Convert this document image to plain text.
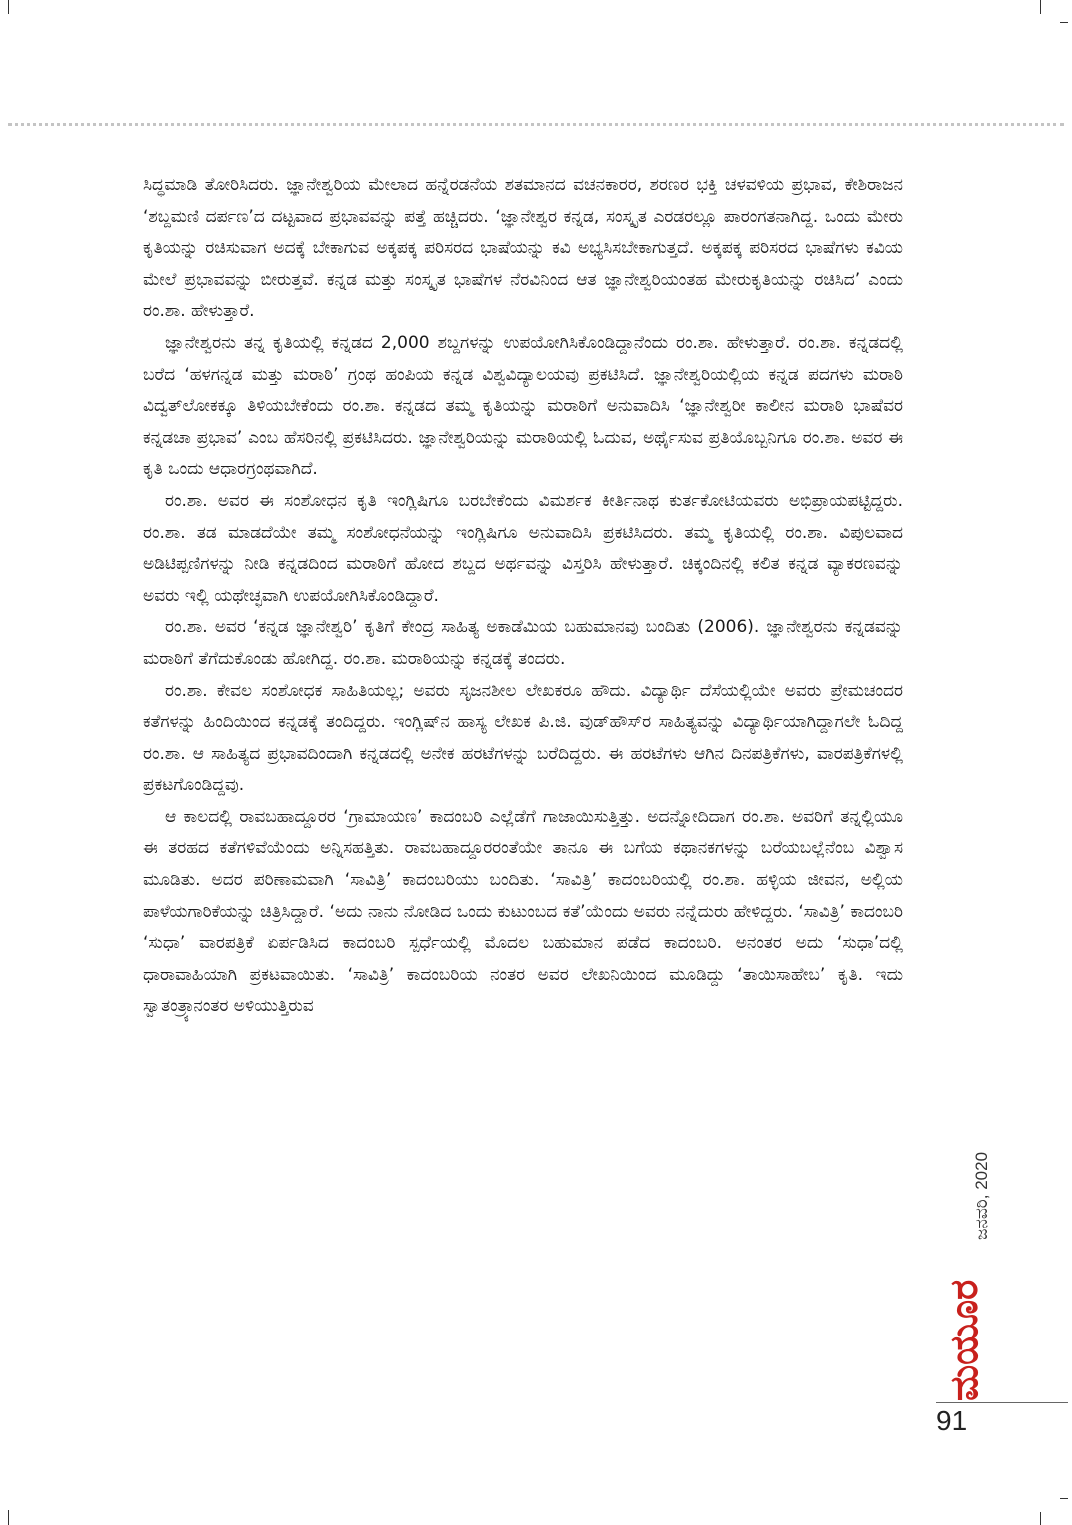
ಸಿದ್ಧಮಾಡಿ ತೋರಿಸಿದರು. ಜ್ಞಾನೇಶ್ವರಿಯ ಮೇಲಾದ ಹನ್ನೆರಡನೆಯ ಶತಮಾನದ ವಚನಕಾರರ, ಶರಣರ ಭಕ್ತಿ ಚಳವಳಿಯ ಪ್ರಭಾವ, ಕೇಶಿರಾಜನ ‘ಶಬ್ದಮಣಿ ದರ್ಪಣ’ದ ದಟ್ಟವಾದ ಪ್ರಭಾವವನ್ನು ಪತ್ತೆ ಹಚ್ಚಿದರು. ‘ಜ್ಞಾನೇಶ್ವರ ಕನ್ನಡ, ಸಂಸ್ಕೃತ ಎರಡರಲ್ಲೂ ಪಾರಂಗತನಾಗಿದ್ದ. ಒಂದು ಮೇರು ಕೃತಿಯನ್ನು ರಚಿಸುವಾಗ ಅದಕ್ಕೆ ಬೇಕಾಗುವ ಅಕ್ಕಪಕ್ಕ ಪರಿಸರದ ಭಾಷೆಯನ್ನು ಕವಿ ಅಭ್ಯಸಿಸಬೇಕಾಗುತ್ತದೆ. ಅಕ್ಕಪಕ್ಕ ಪರಿಸರದ ಭಾಷೆಗಳು ಕವಿಯ ಮೇಲೆ ಪ್ರಭಾವವನ್ನು ಬೀರುತ್ತವೆ. ಕನ್ನಡ ಮತ್ತು ಸಂಸ್ಕೃತ ಭಾಷೆಗಳ ನೆರವಿನಿಂದ ಆತ ಜ್ಞಾನೇಶ್ವರಿಯಂತಹ ಮೇರುಕೃತಿಯನ್ನು ರಚಿಸಿದ’ ಎಂದು ರಂ.ಶಾ. ಹೇಳುತ್ತಾರೆ.

ಜ್ಞಾನೇಶ್ವರನು ತನ್ನ ಕೃತಿಯಲ್ಲಿ ಕನ್ನಡದ 2,000 ಶಬ್ದಗಳನ್ನು ಉಪಯೋಗಿಸಿಕೊಂಡಿದ್ದಾನೆಂದು ರಂ.ಶಾ. ಹೇಳುತ್ತಾರೆ. ರಂ.ಶಾ. ಕನ್ನಡದಲ್ಲಿ ಬರೆದ ‘ಹಳಗನ್ನಡ ಮತ್ತು ಮರಾಠಿ’ ಗ್ರಂಥ ಹಂಪಿಯ ಕನ್ನಡ ವಿಶ್ವವಿದ್ಯಾಲಯವು ಪ್ರಕಟಿಸಿದೆ. ಜ್ಞಾನೇಶ್ವರಿಯಲ್ಲಿಯ ಕನ್ನಡ ಪದಗಳು ಮರಾಠಿ ವಿದ್ವತ್‌ಲೋಕಕ್ಕೂ ತಿಳಿಯಬೇಕೆಂದು ರಂ.ಶಾ. ಕನ್ನಡದ ತಮ್ಮ ಕೃತಿಯನ್ನು ಮರಾಠಿಗೆ ಅನುವಾದಿಸಿ ‘ಜ್ಞಾನೇಶ್ವರೀ ಕಾಲೀನ ಮರಾಠಿ ಭಾಷೆವರ ಕನ್ನಡಚಾ ಪ್ರಭಾವ’ ಎಂಬ ಹೆಸರಿನಲ್ಲಿ ಪ್ರಕಟಿಸಿದರು. ಜ್ಞಾನೇಶ್ವರಿಯನ್ನು ಮರಾಠಿಯಲ್ಲಿ ಓದುವ, ಅರ್ಥೈಸುವ ಪ್ರತಿಯೊಬ್ಬನಿಗೂ ರಂ.ಶಾ. ಅವರ ಈ ಕೃತಿ ಒಂದು ಆಧಾರಗ್ರಂಥವಾಗಿದೆ.

ರಂ.ಶಾ. ಅವರ ಈ ಸಂಶೋಧನ ಕೃತಿ ಇಂಗ್ಲಿಷಿಗೂ ಬರಬೇಕೆಂದು ವಿಮರ್ಶಕ ಕೀರ್ತಿನಾಥ ಕುರ್ತಕೋಟಿಯವರು ಅಭಿಪ್ರಾಯಪಟ್ಟಿದ್ದರು. ರಂ.ಶಾ. ತಡ ಮಾಡದೆಯೇ ತಮ್ಮ ಸಂಶೋಧನೆಯನ್ನು ಇಂಗ್ಲಿಷಿಗೂ ಅನುವಾದಿಸಿ ಪ್ರಕಟಿಸಿದರು. ತಮ್ಮ ಕೃತಿಯಲ್ಲಿ ರಂ.ಶಾ. ವಿಪುಲವಾದ ಅಡಿಟಿಪ್ಪಣಿಗಳನ್ನು ನೀಡಿ ಕನ್ನಡದಿಂದ ಮರಾಠಿಗೆ ಹೋದ ಶಬ್ದದ ಅರ್ಥವನ್ನು ವಿಸ್ತರಿಸಿ ಹೇಳುತ್ತಾರೆ. ಚಿಕ್ಕಂದಿನಲ್ಲಿ ಕಲಿತ ಕನ್ನಡ ವ್ಯಾಕರಣವನ್ನು ಅವರು ಇಲ್ಲಿ ಯಥೇಚ್ಛವಾಗಿ ಉಪಯೋಗಿಸಿಕೊಂಡಿದ್ದಾರೆ.

ರಂ.ಶಾ. ಅವರ ‘ಕನ್ನಡ ಜ್ಞಾನೇಶ್ವರಿ’ ಕೃತಿಗೆ ಕೇಂದ್ರ ಸಾಹಿತ್ಯ ಅಕಾಡೆಮಿಯ ಬಹುಮಾನವು ಬಂದಿತು (2006). ಜ್ಞಾನೇಶ್ವರನು ಕನ್ನಡವನ್ನು ಮರಾಠಿಗೆ ತೆಗೆದುಕೊಂಡು ಹೋಗಿದ್ದ. ರಂ.ಶಾ. ಮರಾಠಿಯನ್ನು ಕನ್ನಡಕ್ಕೆ ತಂದರು.

ರಂ.ಶಾ. ಕೇವಲ ಸಂಶೋಧಕ ಸಾಹಿತಿಯಲ್ಲ; ಅವರು ಸೃಜನಶೀಲ ಲೇಖಕರೂ ಹೌದು. ವಿದ್ಯಾರ್ಥಿ ದೆಸೆಯಲ್ಲಿಯೇ ಅವರು ಪ್ರೇಮಚಂದರ ಕತೆಗಳನ್ನು ಹಿಂದಿಯಿಂದ ಕನ್ನಡಕ್ಕೆ ತಂದಿದ್ದರು. ಇಂಗ್ಲಿಷ್‌ನ ಹಾಸ್ಯ ಲೇಖಕ ಪಿ.ಜಿ. ವುಡ್‌ಹೌಸ್‌ರ ಸಾಹಿತ್ಯವನ್ನು ವಿದ್ಯಾರ್ಥಿಯಾಗಿದ್ದಾಗಲೇ ಓದಿದ್ದ ರಂ.ಶಾ. ಆ ಸಾಹಿತ್ಯದ ಪ್ರಭಾವದಿಂದಾಗಿ ಕನ್ನಡದಲ್ಲಿ ಅನೇಕ ಹರಟೆಗಳನ್ನು ಬರೆದಿದ್ದರು. ಈ ಹರಟೆಗಳು ಆಗಿನ ದಿನಪತ್ರಿಕೆಗಳು, ವಾರಪತ್ರಿಕೆಗಳಲ್ಲಿ ಪ್ರಕಟಗೊಂಡಿದ್ದವು.

ಆ ಕಾಲದಲ್ಲಿ ರಾವಬಹಾದ್ದೂರರ ‘ಗ್ರಾಮಾಯಣ’ ಕಾದಂಬರಿ ಎಲ್ಲೆಡೆಗೆ ಗಾಜಾಯಿಸುತ್ತಿತ್ತು. ಅದನ್ನೋದಿದಾಗ ರಂ.ಶಾ. ಅವರಿಗೆ ತನ್ನಲ್ಲಿಯೂ ಈ ತರಹದ ಕತೆಗಳಿವೆಯೆಂದು ಅನ್ನಿಸಹತ್ತಿತು. ರಾವಬಹಾದ್ದೂರರಂತೆಯೇ ತಾನೂ ಈ ಬಗೆಯ ಕಥಾನಕಗಳನ್ನು ಬರೆಯಬಲ್ಲೆನೆಂಬ ವಿಶ್ವಾಸ ಮೂಡಿತು. ಅದರ ಪರಿಣಾಮವಾಗಿ ‘ಸಾವಿತ್ರಿ’ ಕಾದಂಬರಿಯು ಬಂದಿತು. ‘ಸಾವಿತ್ರಿ’ ಕಾದಂಬರಿಯಲ್ಲಿ ರಂ.ಶಾ. ಹಳ್ಳಿಯ ಜೀವನ, ಅಲ್ಲಿಯ ಪಾಳೆಯಗಾರಿಕೆಯನ್ನು ಚಿತ್ರಿಸಿದ್ದಾರೆ. ‘ಅದು ನಾನು ನೋಡಿದ ಒಂದು ಕುಟುಂಬದ ಕತೆ’ಯೆಂದು ಅವರು ನನ್ನೆದುರು ಹೇಳಿದ್ದರು. ‘ಸಾವಿತ್ರಿ’ ಕಾದಂಬರಿ ‘ಸುಧಾ’ ವಾರಪತ್ರಿಕೆ ಏರ್ಪಡಿಸಿದ ಕಾದಂಬರಿ ಸ್ಪರ್ಧೆಯಲ್ಲಿ ಮೊದಲ ಬಹುಮಾನ ಪಡೆದ ಕಾದಂಬರಿ. ಅನಂತರ ಅದು ‘ಸುಧಾ’ದಲ್ಲಿ ಧಾರಾವಾಹಿಯಾಗಿ ಪ್ರಕಟವಾಯಿತು. ‘ಸಾವಿತ್ರಿ’ ಕಾದಂಬರಿಯ ನಂತರ ಅವರ ಲೇಖನಿಯಿಂದ ಮೂಡಿದ್ದು ‘ತಾಯಿಸಾಹೇಬ’ ಕೃತಿ. ಇದು ಸ್ವಾತಂತ್ರ್ಯಾನಂತರ ಅಳಿಯುತ್ತಿರುವ

ಜನವರಿ, 2020
ಮಯೂರ
91
